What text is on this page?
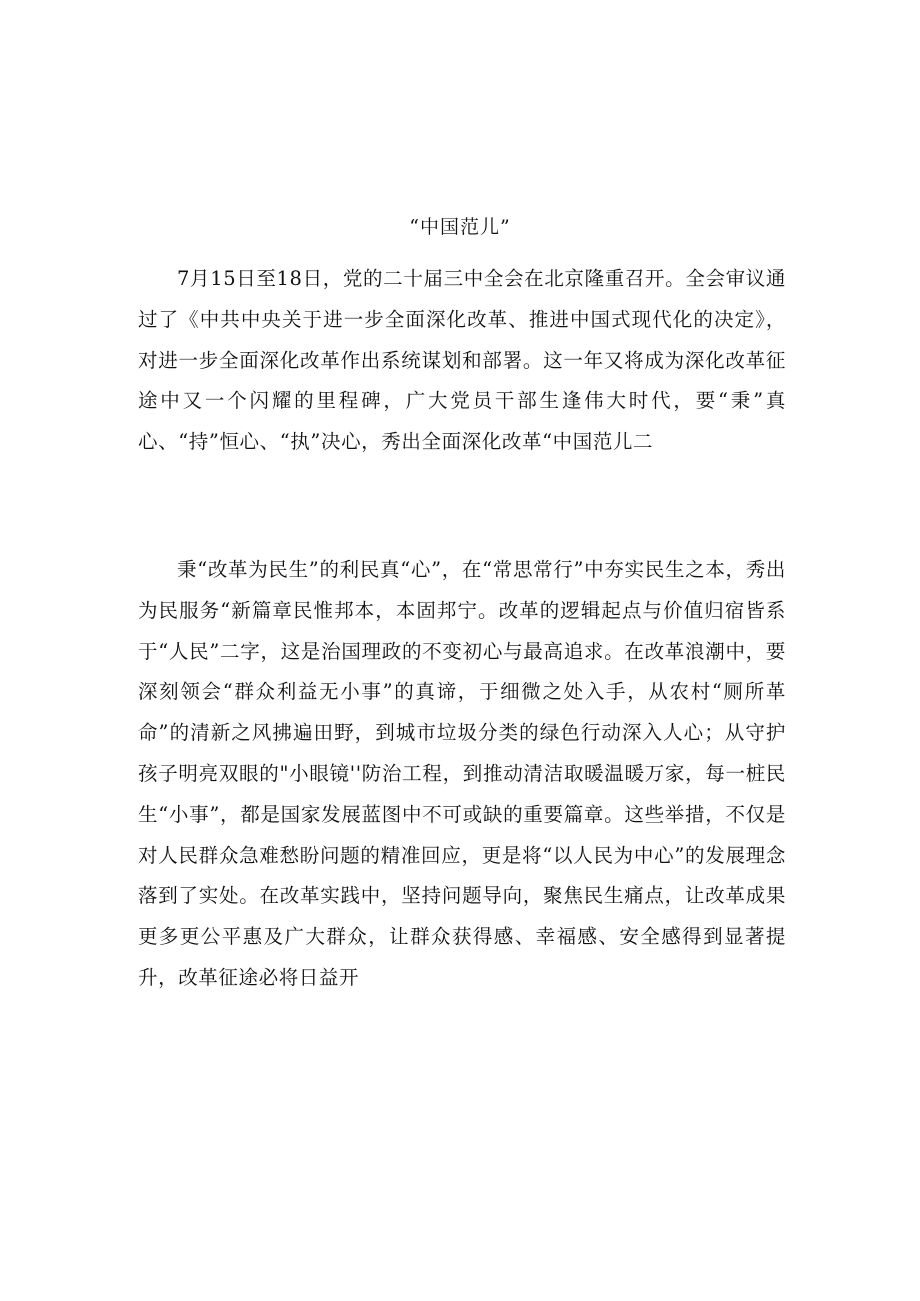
“中国范儿”

7月15日至18日，党的二十届三中全会在北京隆重召开。全会审议通过了《中共中央关于进一步全面深化改革、推进中国式现代化的决定》，对进一步全面深化改革作出系统谋划和部署。这一年又将成为深化改革征途中又一个闪耀的里程碑，广大党员干部生逢伟大时代，要“秉”真心、“持”恒心、“执”决心，秀出全面深化改革“中国范儿二

秉“改革为民生”的利民真“心”，在“常思常行”中夯实民生之本，秀出为民服务“新篇章民惟邦本，本固邦宁。改革的逻辑起点与价值归宿皆系于“人民”二字，这是治国理政的不变初心与最高追求。在改革浪潮中，要深刻领会“群众利益无小事”的真谛，于细微之处入手，从农村“厕所革命”的清新之风拂遍田野，到城市垃圾分类的绿色行动深入人心；从守护孩子明亮双眼的"小眼镜''防治工程，到推动清洁取暖温暖万家，每一桩民生“小事”，都是国家发展蓝图中不可或缺的重要篇章。这些举措，不仅是对人民群众急难愁盼问题的精准回应，更是将“以人民为中心”的发展理念落到了实处。在改革实践中，坚持问题导向，聚焦民生痛点，让改革成果更多更公平惠及广大群众，让群众获得感、幸福感、安全感得到显著提升，改革征途必将日益开
